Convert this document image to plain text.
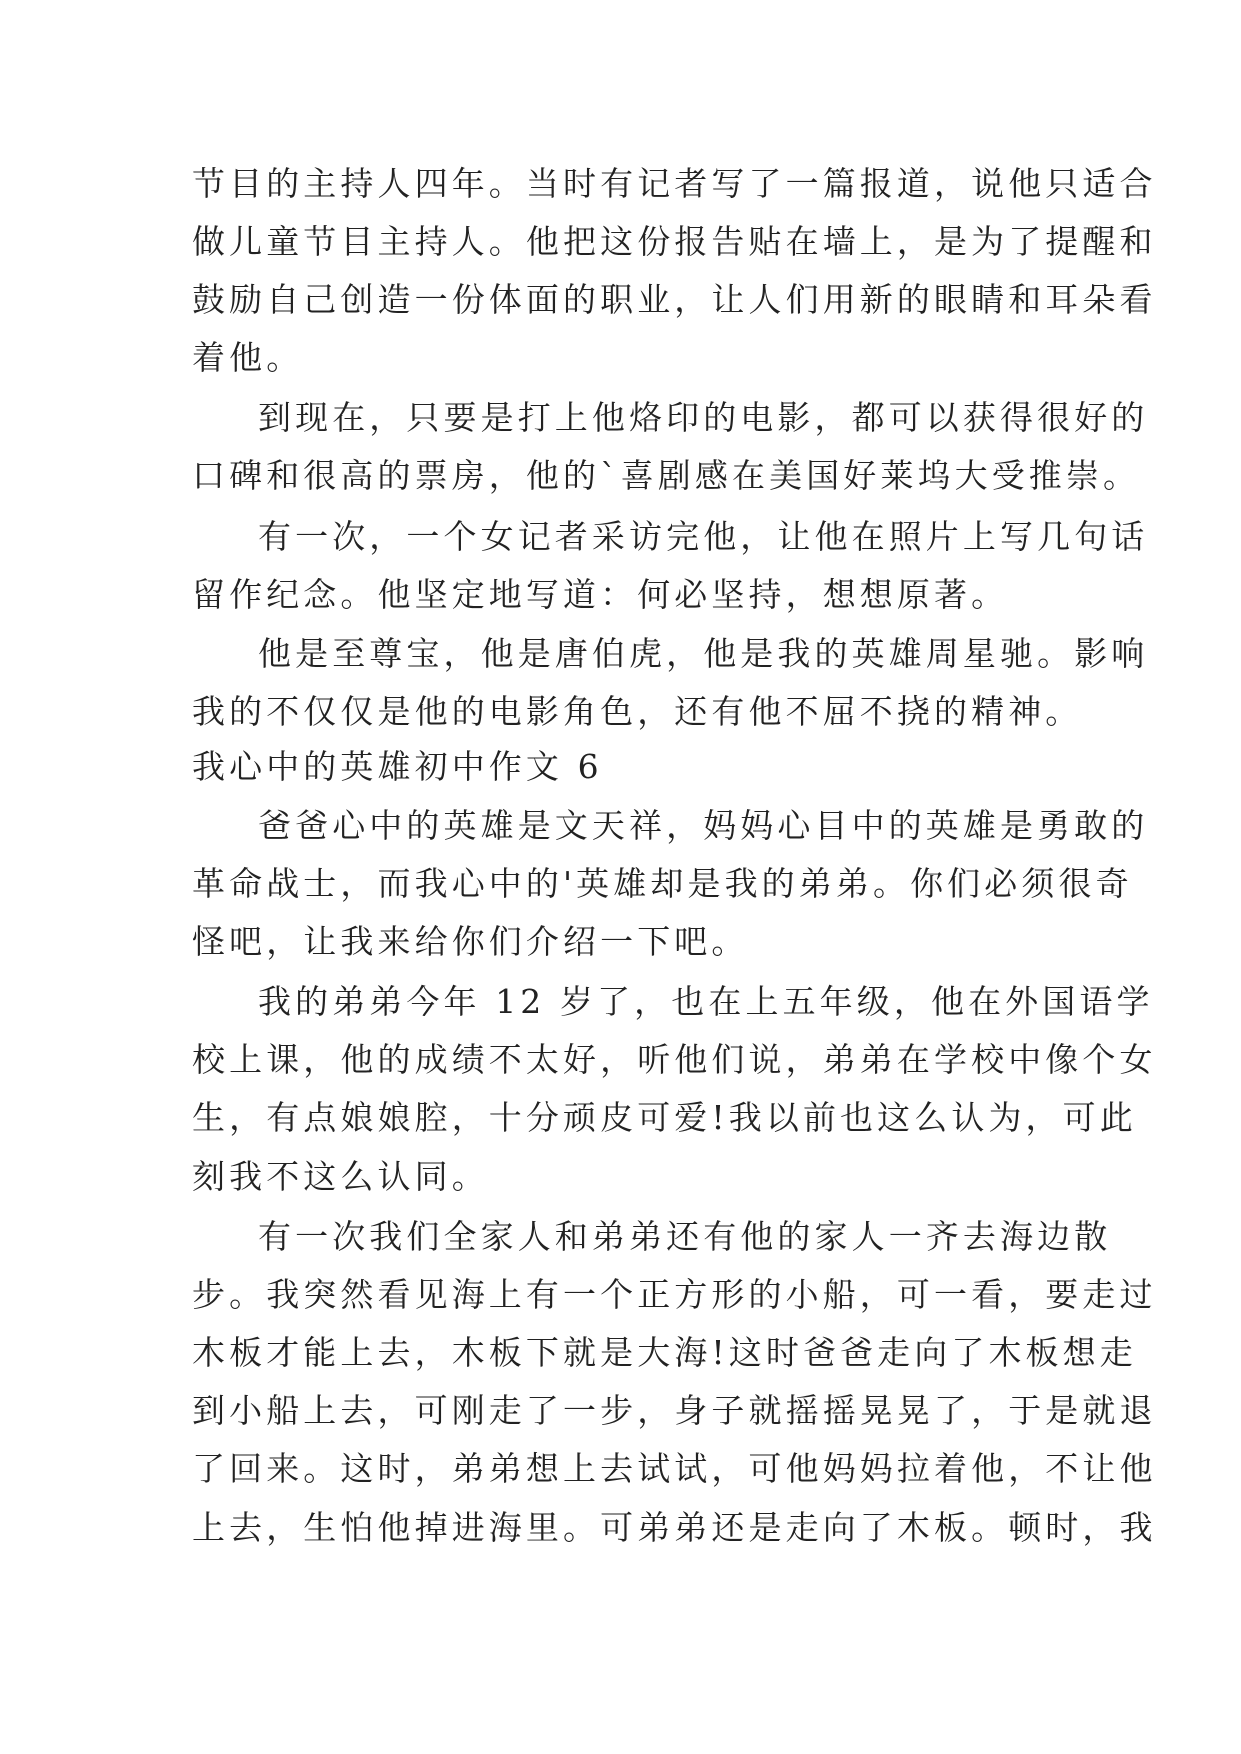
节目的主持人四年。当时有记者写了一篇报道，说他只适合
做儿童节目主持人。他把这份报告贴在墙上，是为了提醒和
鼓励自己创造一份体面的职业，让人们用新的眼睛和耳朵看
着他。
到现在，只要是打上他烙印的电影，都可以获得很好的
口碑和很高的票房，他的`喜剧感在美国好莱坞大受推崇。
有一次，一个女记者采访完他，让他在照片上写几句话
留作纪念。他坚定地写道：何必坚持，想想原著。
他是至尊宝，他是唐伯虎，他是我的英雄周星驰。影响
我的不仅仅是他的电影角色，还有他不屈不挠的精神。
我心中的英雄初中作文 6
爸爸心中的英雄是文天祥，妈妈心目中的英雄是勇敢的
革命战士，而我心中的'英雄却是我的弟弟。你们必须很奇
怪吧，让我来给你们介绍一下吧。
我的弟弟今年 12 岁了，也在上五年级，他在外国语学
校上课，他的成绩不太好，听他们说，弟弟在学校中像个女
生，有点娘娘腔，十分顽皮可爱!我以前也这么认为，可此
刻我不这么认同。
有一次我们全家人和弟弟还有他的家人一齐去海边散
步。我突然看见海上有一个正方形的小船，可一看，要走过
木板才能上去，木板下就是大海!这时爸爸走向了木板想走
到小船上去，可刚走了一步，身子就摇摇晃晃了，于是就退
了回来。这时，弟弟想上去试试，可他妈妈拉着他，不让他
上去，生怕他掉进海里。可弟弟还是走向了木板。顿时，我
